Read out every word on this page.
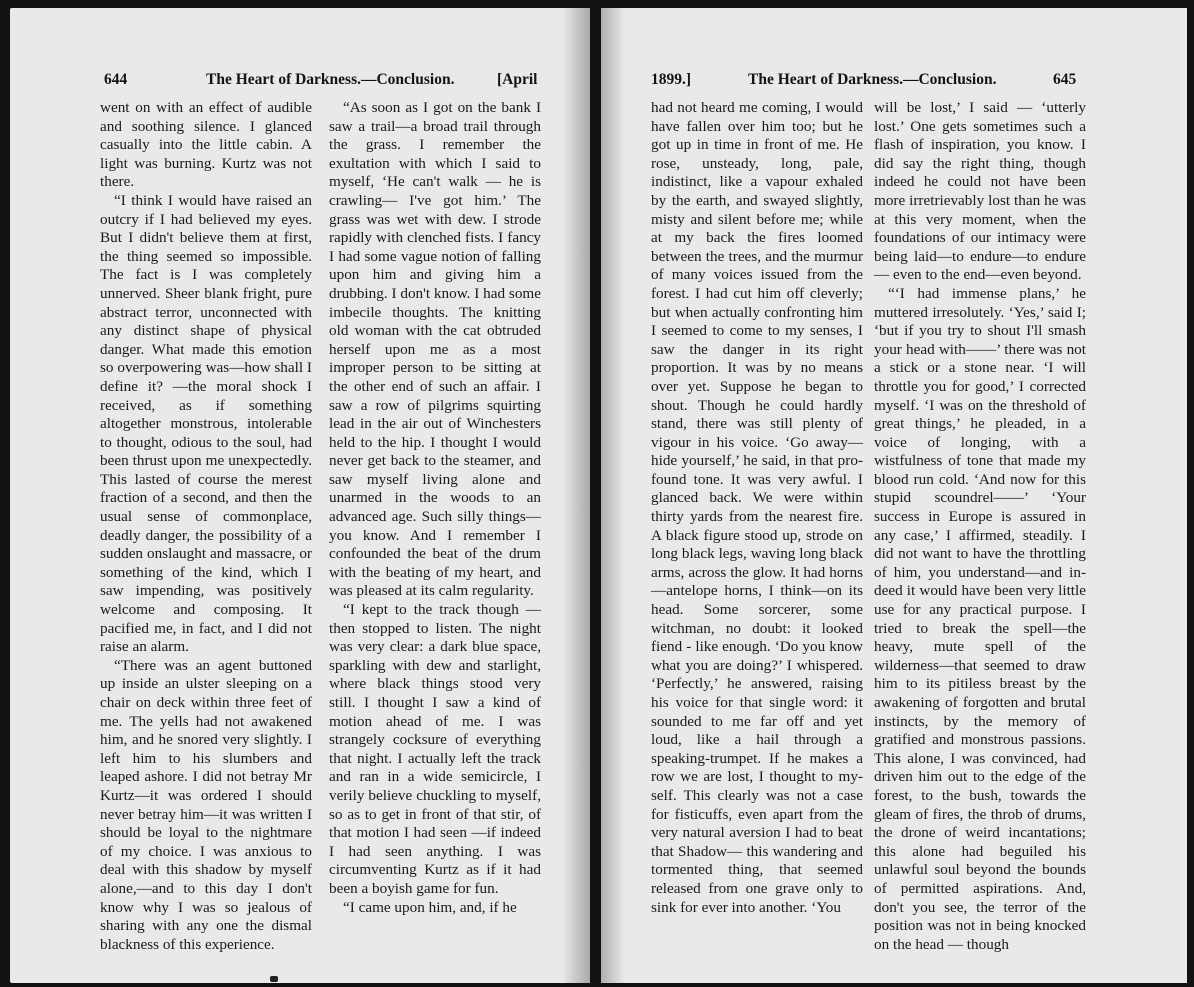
644	The Heart of Darkness.—Conclusion.	[April

went on with an effect of audible and soothing silence. I glanced casually into the little cabin. A light was burning. Kurtz was not there.

“I think I would have raised an outcry if I had believed my eyes. But I didn't believe them at first, the thing seemed so impossible. The fact is I was completely unnerved. Sheer blank fright, pure abstract terror, unconnected with any distinct shape of physical danger. What made this emotion so overpowering was—how shall I define it? —the moral shock I received, as if something altogether monstrous, intolerable to thought, odious to the soul, had been thrust upon me unexpectedly. This lasted of course the merest fraction of a second, and then the usual sense of commonplace, deadly danger, the possibility of a sudden onslaught and massacre, or something of the kind, which I saw impending, was positively welcome and composing. It pacified me, in fact, and I did not raise an alarm.

“There was an agent buttoned up inside an ulster sleeping on a chair on deck within three feet of me. The yells had not awakened him, and he snored very slightly. I left him to his slumbers and leaped ashore. I did not betray Mr Kurtz—it was ordered I should never betray him—it was written I should be loyal to the nightmare of my choice. I was anxious to deal with this shadow by myself alone,—and to this day I don't know why I was so jealous of sharing with any one the dismal blackness of this experience.

“As soon as I got on the bank I saw a trail—a broad trail through the grass. I remember the exultation with which I said to myself, ‘He can't walk — he is crawling— I've got him.’ The grass was wet with dew. I strode rapidly with clenched fists. I fancy I had some vague notion of falling upon him and giving him a drubbing. I don't know. I had some imbecile thoughts. The knitting old woman with the cat obtruded herself upon me as a most improper person to be sitting at the other end of such an affair. I saw a row of pilgrims squirting lead in the air out of Winchesters held to the hip. I thought I would never get back to the steamer, and saw myself living alone and unarmed in the woods to an advanced age. Such silly things—you know. And I remember I confounded the beat of the drum with the beating of my heart, and was pleased at its calm regularity.

“I kept to the track though —then stopped to listen. The night was very clear: a dark blue space, sparkling with dew and starlight, where black things stood very still. I thought I saw a kind of motion ahead of me. I was strangely cocksure of everything that night. I actually left the track and ran in a wide semicircle, I verily believe chuckling to myself, so as to get in front of that stir, of that motion I had seen —if indeed I had seen anything. I was circumventing Kurtz as if it had been a boyish game for fun.

“I came upon him, and, if he

1899.]	The Heart of Darkness.—Conclusion.	645

had not heard me coming, I would have fallen over him too; but he got up in time in front of me. He rose, unsteady, long, pale, indistinct, like a vapour exhaled by the earth, and swayed slightly, misty and silent before me; while at my back the fires loomed between the trees, and the murmur of many voices issued from the forest. I had cut him off cleverly; but when actually confronting him I seemed to come to my senses, I saw the danger in its right proportion. It was by no means over yet. Suppose he began to shout. Though he could hardly stand, there was still plenty of vigour in his voice. ‘Go away—hide yourself,’ he said, in that profound tone. It was very awful. I glanced back. We were within thirty yards from the nearest fire. A black figure stood up, strode on long black legs, waving long black arms, across the glow. It had horns —antelope horns, I think—on its head. Some sorcerer, some witchman, no doubt: it looked fiend - like enough. ‘Do you know what you are doing?’ I whispered. ‘Perfectly,’ he answered, raising his voice for that single word: it sounded to me far off and yet loud, like a hail through a speaking-trumpet. If he makes a row we are lost, I thought to myself. This clearly was not a case for fisticuffs, even apart from the very natural aversion I had to beat that Shadow— this wandering and tormented thing, that seemed released from one grave only to sink for ever into another. ‘You

will be lost,’ I said — ‘utterly lost.’ One gets sometimes such a flash of inspiration, you know. I did say the right thing, though indeed he could not have been more irretrievably lost than he was at this very moment, when the foundations of our intimacy were being laid—to endure—to endure— even to the end—even beyond.

“‘I had immense plans,’ he muttered irresolutely. ‘Yes,’ said I; ‘but if you try to shout I'll smash your head with——’ there was not a stick or a stone near. ‘I will throttle you for good,’ I corrected myself. ‘I was on the threshold of great things,’ he pleaded, in a voice of longing, with a wistfulness of tone that made my blood run cold. ‘And now for this stupid scoundrel——’ ‘Your success in Europe is assured in any case,’ I affirmed, steadily. I did not want to have the throttling of him, you understand—and indeed it would have been very little use for any practical purpose. I tried to break the spell—the heavy, mute spell of the wilderness—that seemed to draw him to its pitiless breast by the awakening of forgotten and brutal instincts, by the memory of gratified and monstrous passions. This alone, I was convinced, had driven him out to the edge of the forest, to the bush, towards the gleam of fires, the throb of drums, the drone of weird incantations; this alone had beguiled his unlawful soul beyond the bounds of permitted aspirations. And, don't you see, the terror of the position was not in being knocked on the head — though
